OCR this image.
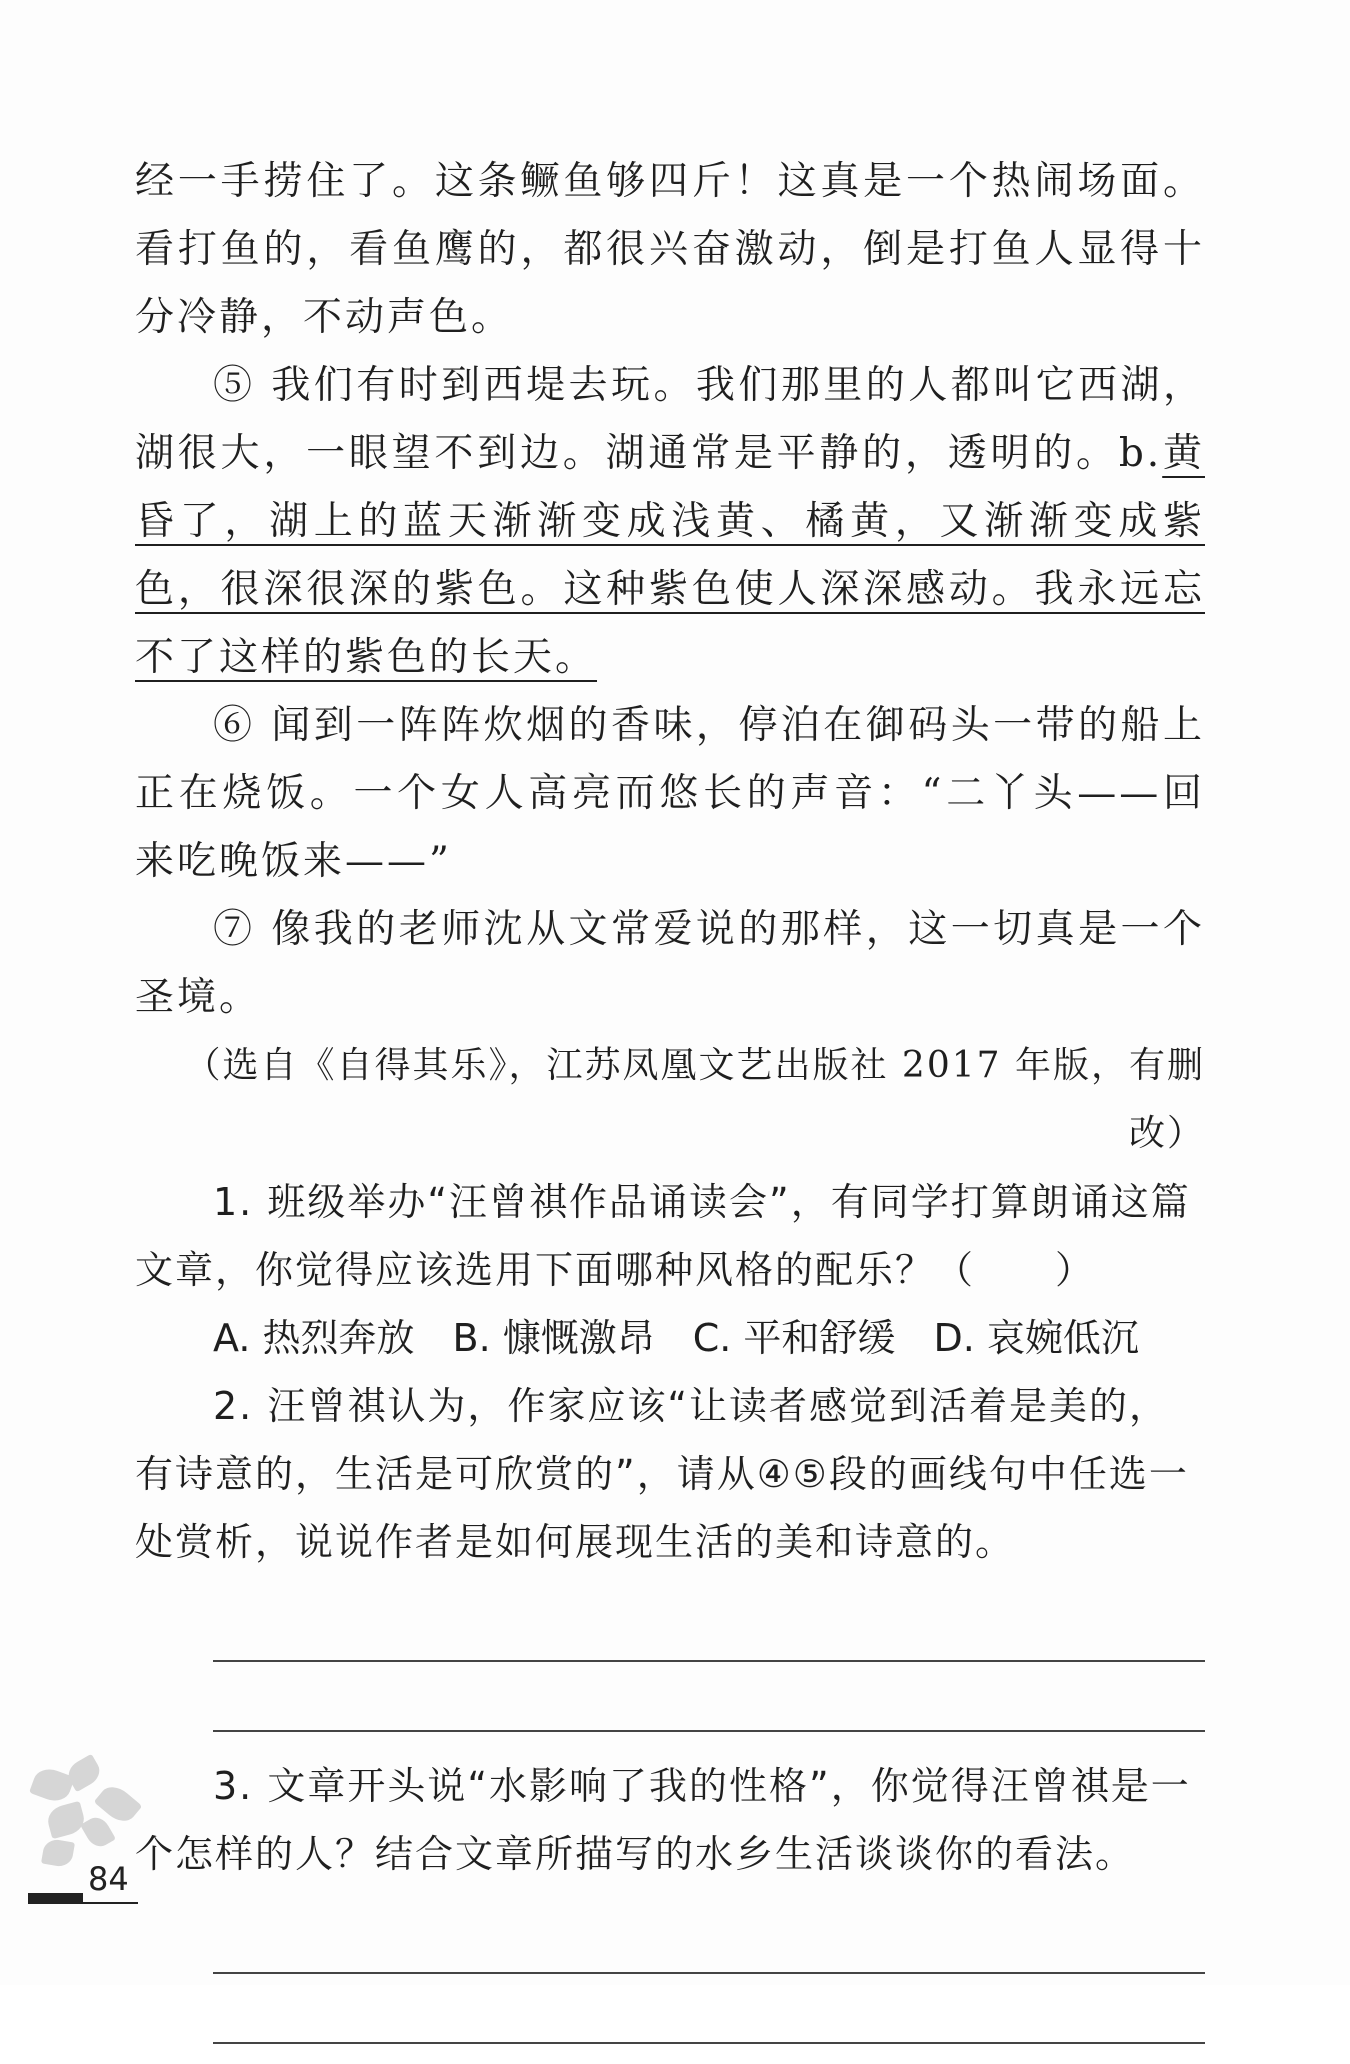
经一手捞住了。这条鳜鱼够四斤！这真是一个热闹场面。看打鱼的，看鱼鹰的，都很兴奋激动，倒是打鱼人显得十分冷静，不动声色。

⑤ 我们有时到西堤去玩。我们那里的人都叫它西湖，湖很大，一眼望不到边。湖通常是平静的，透明的。b.黄昏了，湖上的蓝天渐渐变成浅黄、橘黄，又渐渐变成紫色，很深很深的紫色。这种紫色使人深深感动。我永远忘不了这样的紫色的长天。

⑥ 闻到一阵阵炊烟的香味，停泊在御码头一带的船上正在烧饭。一个女人高亮而悠长的声音：“二丫头——回来吃晚饭来——”

⑦ 像我的老师沈从文常爱说的那样，这一切真是一个圣境。

（选自《自得其乐》，江苏凤凰文艺出版社 2017 年版，有删改）

1. 班级举办“汪曾祺作品诵读会”，有同学打算朗诵这篇文章，你觉得应该选用下面哪种风格的配乐？（　　）

A. 热烈奔放 B. 慷慨激昂 C. 平和舒缓 D. 哀婉低沉

2. 汪曾祺认为，作家应该“让读者感觉到活着是美的，有诗意的，生活是可欣赏的”，请从④⑤段的画线句中任选一处赏析，说说作者是如何展现生活的美和诗意的。

3. 文章开头说“水影响了我的性格”，你觉得汪曾祺是一个怎样的人？结合文章所描写的水乡生活谈谈你的看法。

84
